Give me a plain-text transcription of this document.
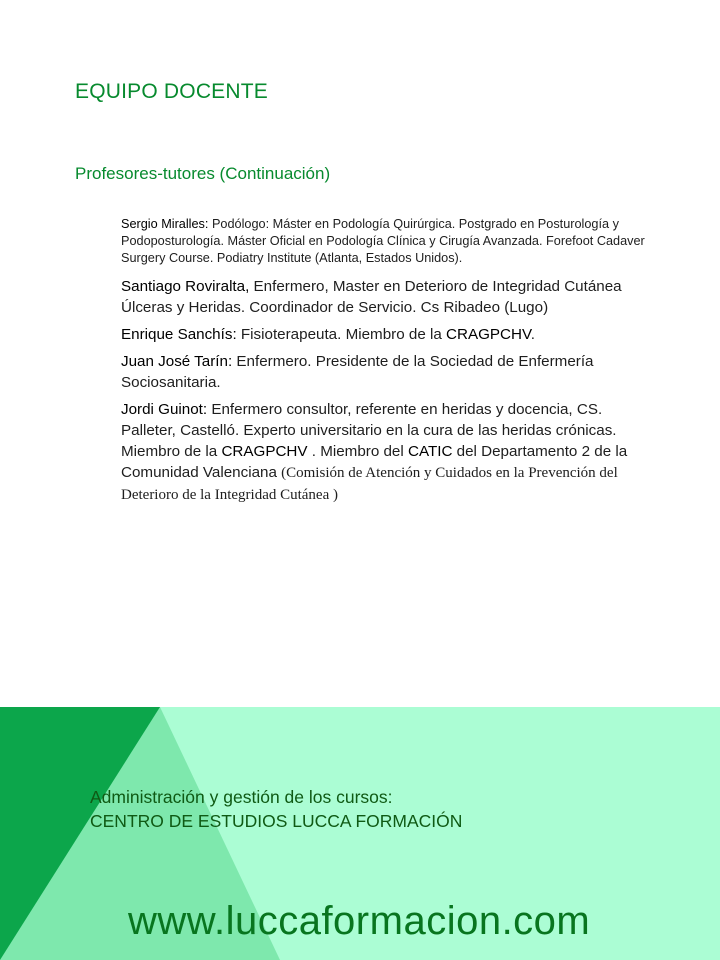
EQUIPO DOCENTE
Profesores-tutores (Continuación)

Sergio Miralles: Podólogo: Máster en Podología Quirúrgica. Postgrado en Posturología y Podoposturología. Máster Oficial en Podología Clínica y Cirugía Avanzada. Forefoot Cadaver Surgery Course. Podiatry Institute (Atlanta, Estados Unidos).

Santiago Roviralta, Enfermero, Master en Deterioro de Integridad Cutánea Úlceras y Heridas. Coordinador de Servicio. Cs Ribadeo (Lugo)

Enrique Sanchís: Fisioterapeuta. Miembro de la CRAGPCHV.

Juan José Tarín: Enfermero. Presidente de la Sociedad de Enfermería Sociosanitaria.

Jordi Guinot: Enfermero consultor, referente en heridas y docencia, CS. Palleter, Castelló. Experto universitario en la cura de las heridas crónicas. Miembro de la CRAGPCHV . Miembro del CATIC del Departamento 2 de la Comunidad Valenciana (Comisión de Atención y Cuidados en la Prevención del Deterioro de la Integridad Cutánea )

Administración y gestión de los cursos:
CENTRO DE ESTUDIOS LUCCA FORMACIÓN
www.luccaformacion.com
